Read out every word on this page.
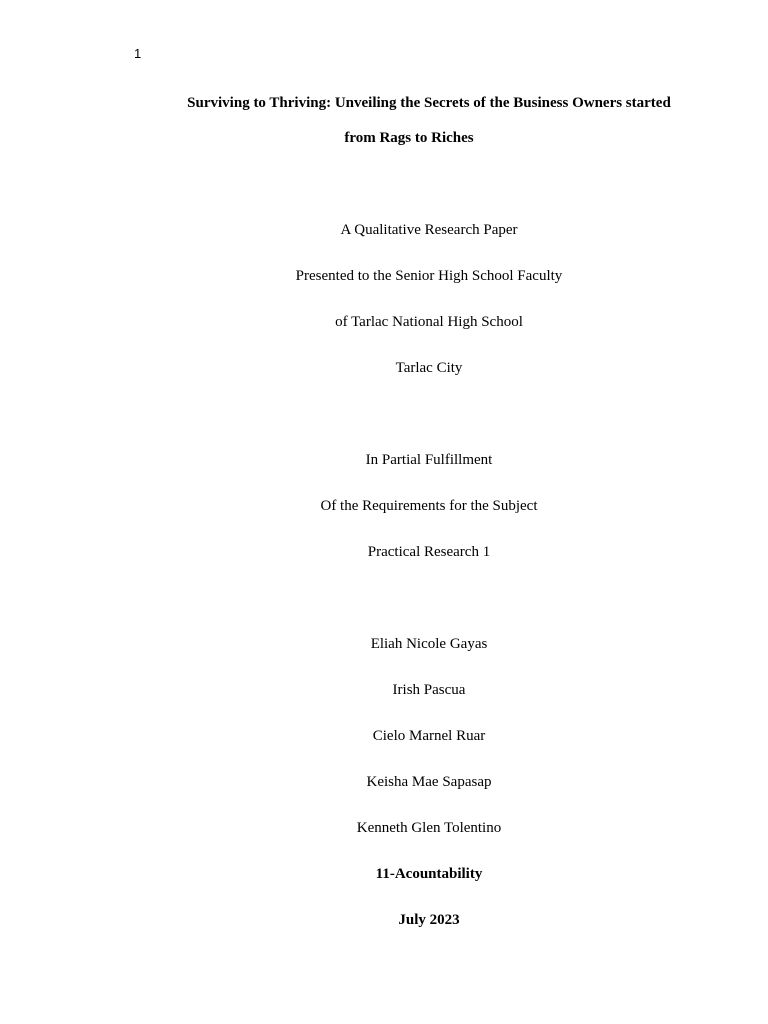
1
Surviving to Thriving: Unveiling the Secrets of the Business Owners started
from Rags to Riches
A Qualitative Research Paper
Presented to the Senior High School Faculty
of Tarlac National High School
Tarlac City
In Partial Fulfillment
Of the Requirements for the Subject
Practical Research 1
Eliah Nicole Gayas
Irish Pascua
Cielo Marnel Ruar
Keisha Mae Sapasap
Kenneth Glen Tolentino
11-Acountability
July 2023
